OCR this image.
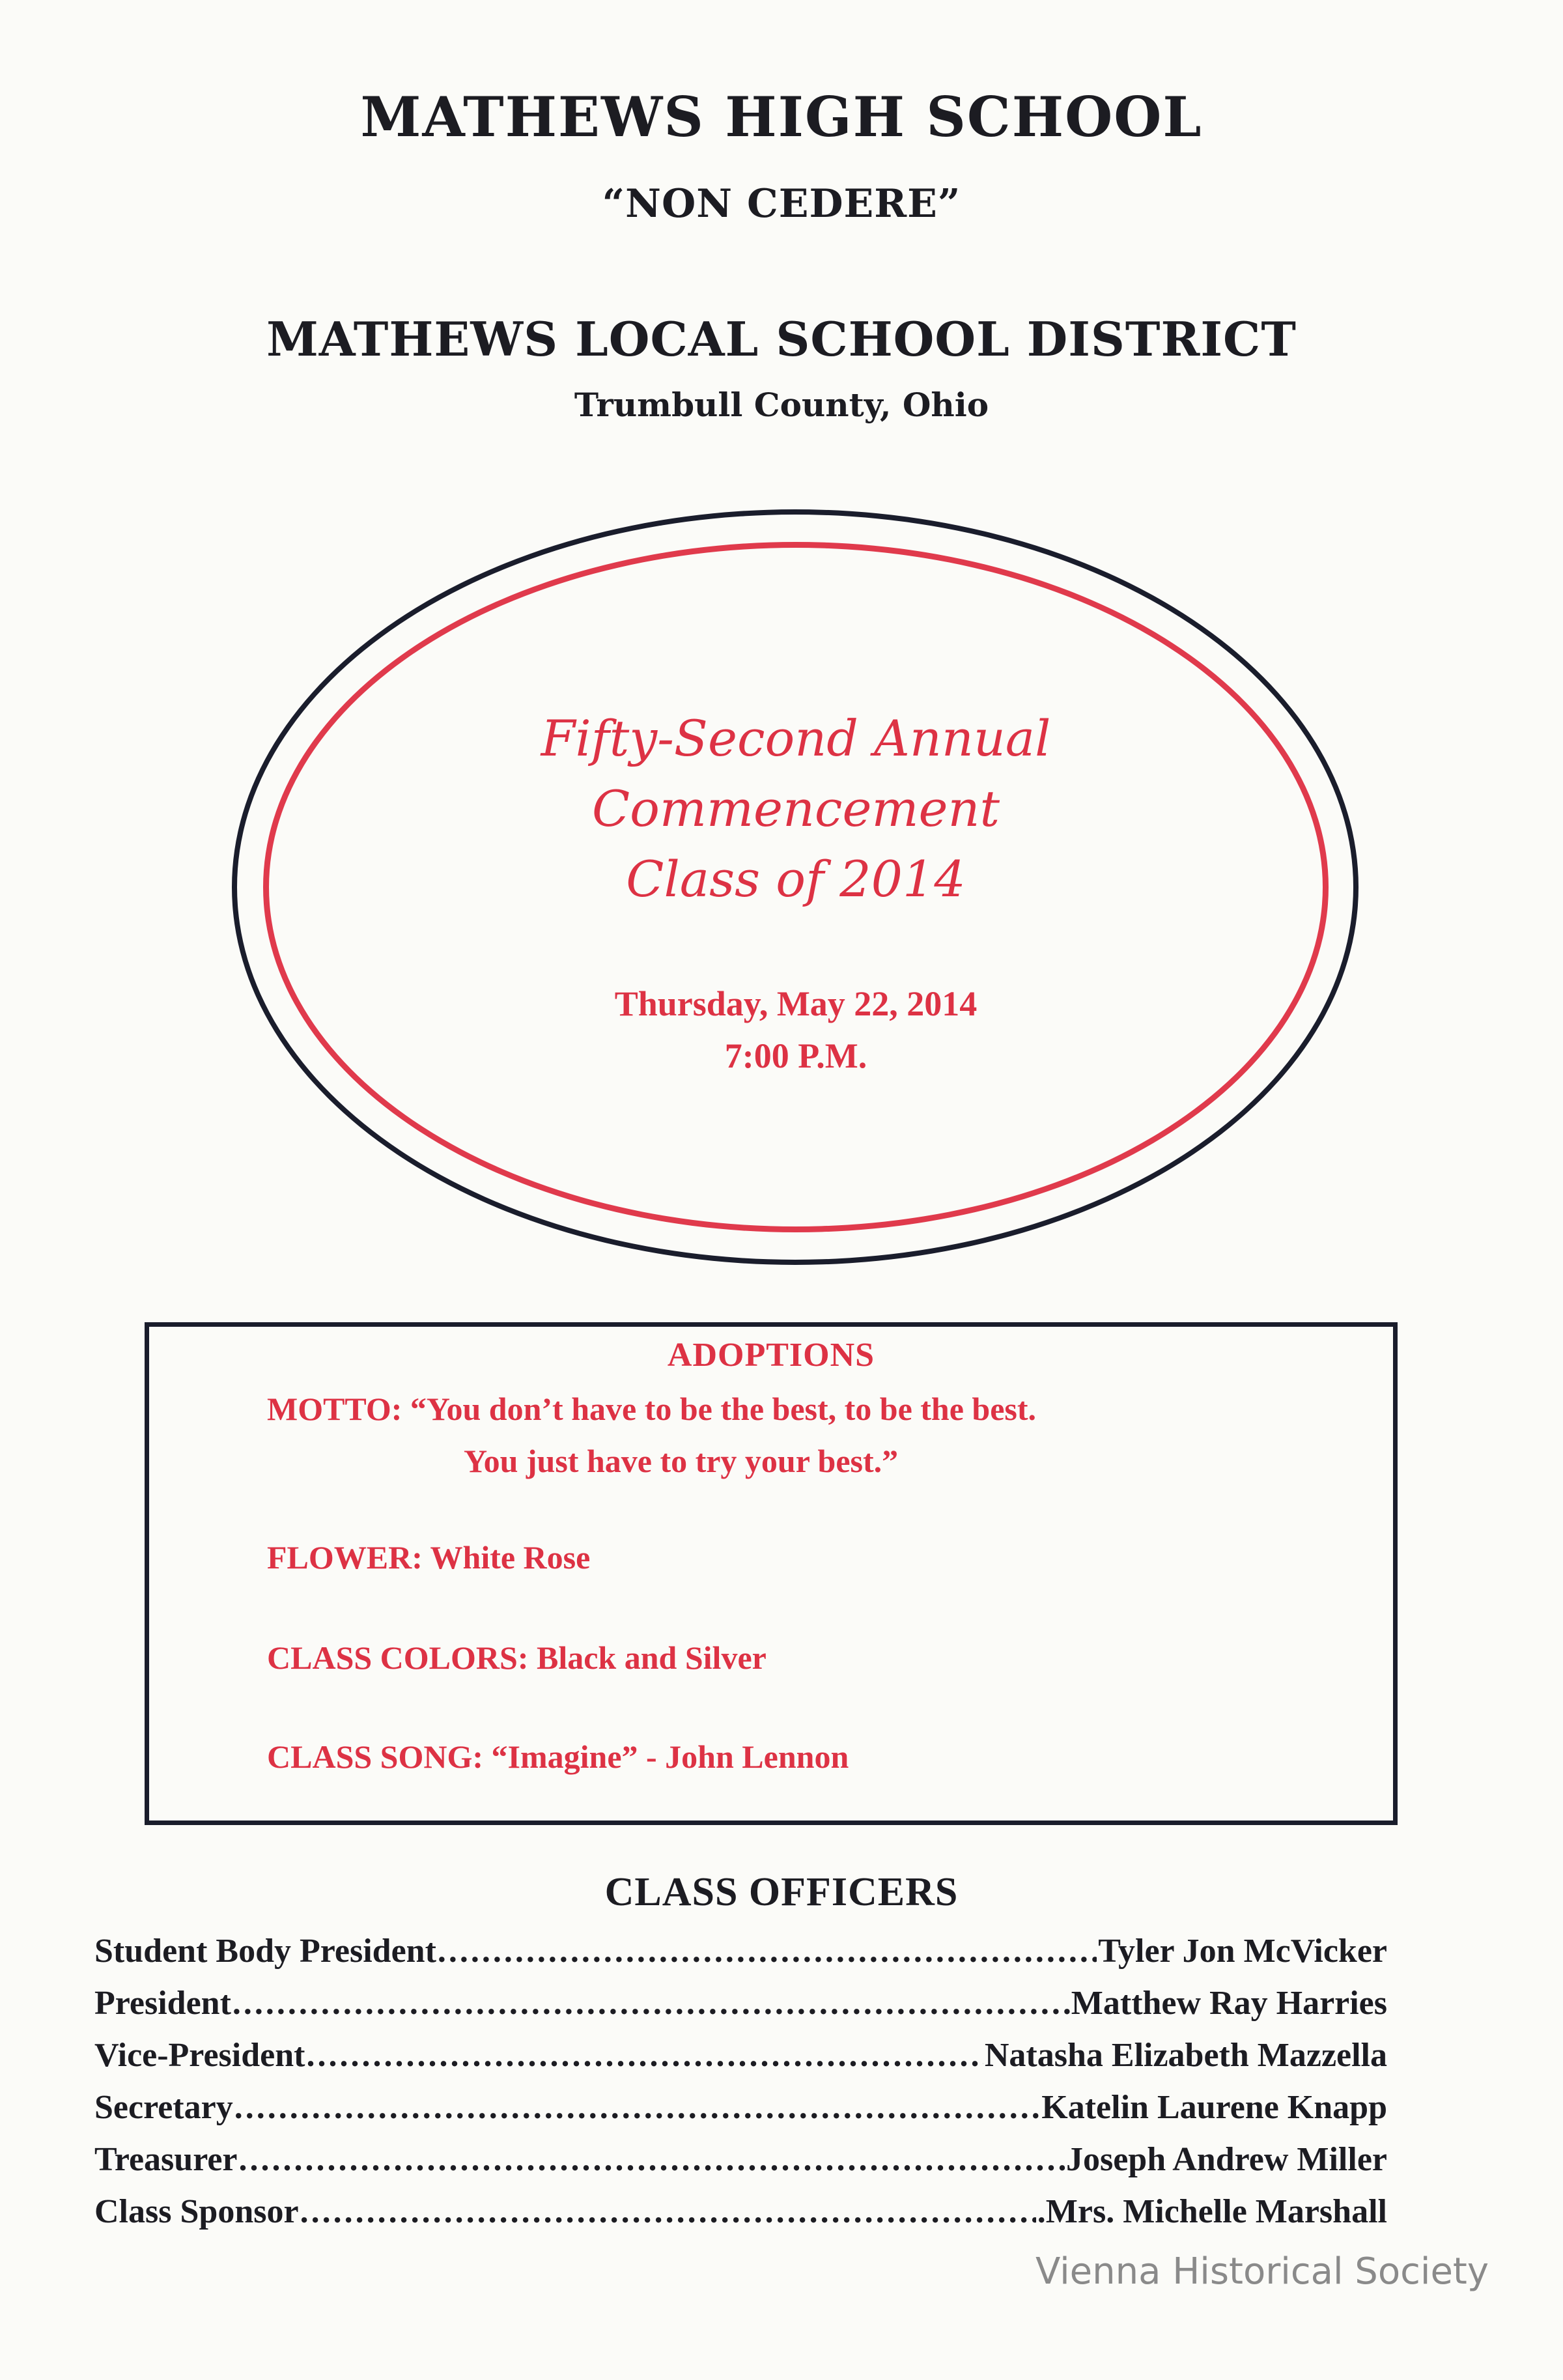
MATHEWS HIGH SCHOOL
“NON CEDERE”
MATHEWS LOCAL SCHOOL DISTRICT
Trumbull County, Ohio
Fifty-Second Annual
Commencement
Class of 2014
Thursday, May 22, 2014
7:00 P.M.
ADOPTIONS
MOTTO: “You don’t have to be the best, to be the best.
You just have to try your best.”
FLOWER: White Rose
CLASS COLORS: Black and Silver
CLASS SONG: “Imagine” - John Lennon
CLASS OFFICERS
Student Body President .....	Tyler Jon McVicker
President .....	Matthew Ray Harries
Vice-President .....	Natasha Elizabeth Mazzella
Secretary .....	Katelin Laurene Knapp
Treasurer .....	Joseph Andrew Miller
Class Sponsor .....	.Mrs. Michelle Marshall
Vienna Historical Society
